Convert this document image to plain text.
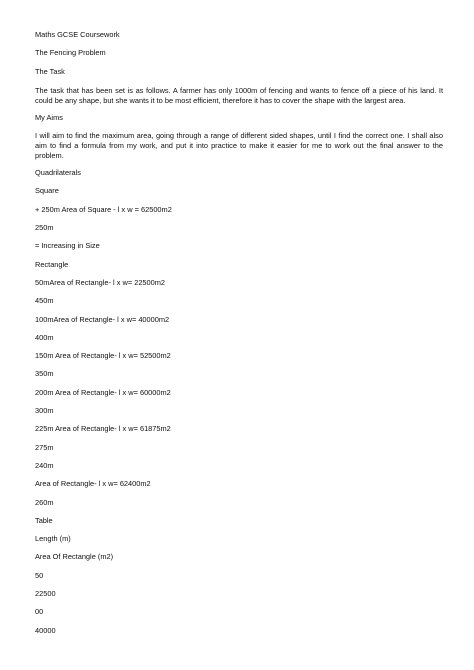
Maths GCSE Coursework
The Fencing Problem
The Task
The task that has been set is as follows. A farmer has only 1000m of fencing and wants to fence off a piece of his land. It could be any shape, but she wants it to be most efficient, therefore it has to cover the shape with the largest area.
My Aims
I will aim to find the maximum area, going through a range of different sided shapes, until I find the correct one. I shall also aim to find a formula from my work, and put it into practice to make it easier for me to work out the final answer to the problem.
Quadrilaterals
Square
+ 250m Area of Square - l x w = 62500m2
250m
= Increasing in Size
Rectangle
50mArea of Rectangle- l x w= 22500m2
450m
100mArea of Rectangle- l x w= 40000m2
400m
150m Area of Rectangle- l x w= 52500m2
350m
200m Area of Rectangle- l x w= 60000m2
300m
225m Area of Rectangle- l x w= 61875m2
275m
240m
Area of Rectangle- l x w= 62400m2
260m
Table
Length (m)
Area Of Rectangle (m2)
50
22500
00
40000
